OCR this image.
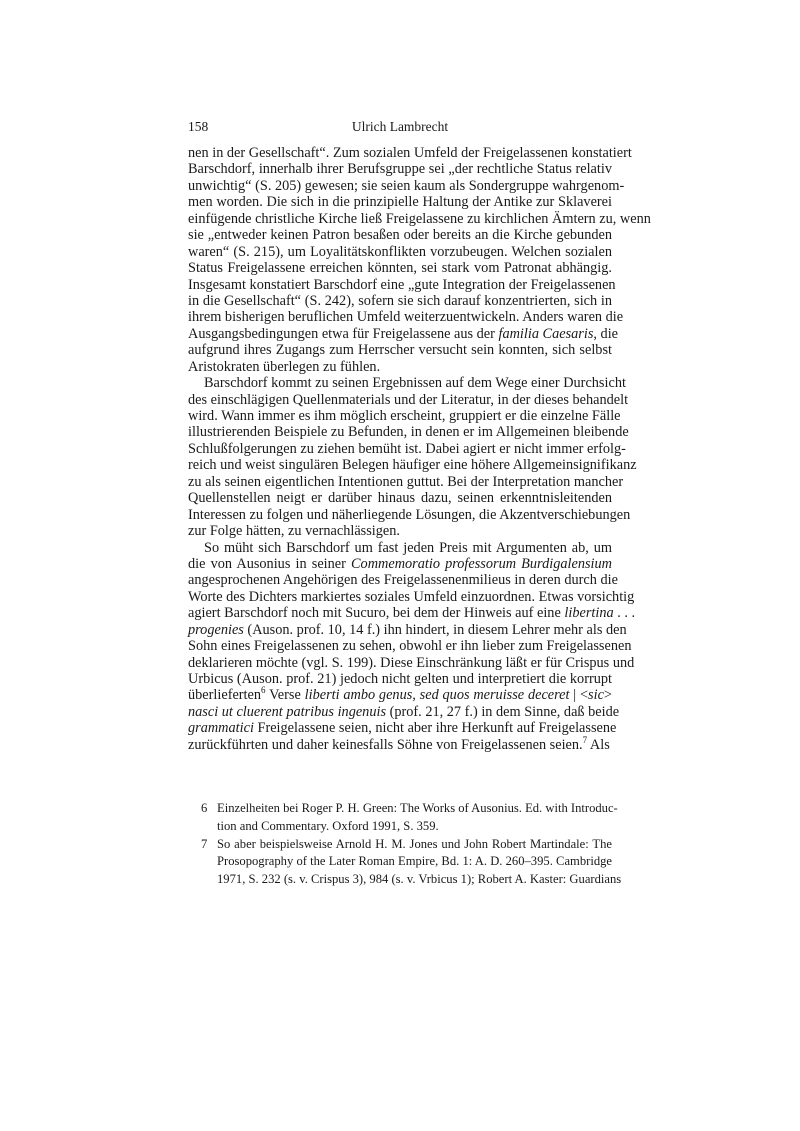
158	Ulrich Lambrecht
nen in der Gesellschaft“. Zum sozialen Umfeld der Freigelassenen konstatiert
Barschdorf, innerhalb ihrer Berufsgruppe sei „der rechtliche Status relativ
unwichtig“ (S. 205) gewesen; sie seien kaum als Sondergruppe wahrgenom-
men worden. Die sich in die prinzipielle Haltung der Antike zur Sklaverei
einfügende christliche Kirche ließ Freigelassene zu kirchlichen Ämtern zu, wenn
sie „entweder keinen Patron besaßen oder bereits an die Kirche gebunden
waren“ (S. 215), um Loyalitätskonflikten vorzubeugen. Welchen sozialen
Status Freigelassene erreichen könnten, sei stark vom Patronat abhängig.
Insgesamt konstatiert Barschdorf eine „gute Integration der Freigelassenen
in die Gesellschaft“ (S. 242), sofern sie sich darauf konzentrierten, sich in
ihrem bisherigen beruflichen Umfeld weiterzuentwickeln. Anders waren die
Ausgangsbedingungen etwa für Freigelassene aus der familia Caesaris, die
aufgrund ihres Zugangs zum Herrscher versucht sein konnten, sich selbst
Aristokraten überlegen zu fühlen.
Barschdorf kommt zu seinen Ergebnissen auf dem Wege einer Durchsicht
des einschlägigen Quellenmaterials und der Literatur, in der dieses behandelt
wird. Wann immer es ihm möglich erscheint, gruppiert er die einzelne Fälle
illustrierenden Beispiele zu Befunden, in denen er im Allgemeinen bleibende
Schlußfolgerungen zu ziehen bemüht ist. Dabei agiert er nicht immer erfolg-
reich und weist singulären Belegen häufiger eine höhere Allgemeinsignifikanz
zu als seinen eigentlichen Intentionen guttut. Bei der Interpretation mancher
Quellenstellen neigt er darüber hinaus dazu, seinen erkenntnisleitenden
Interessen zu folgen und näherliegende Lösungen, die Akzentverschiebungen
zur Folge hätten, zu vernachlässigen.
So müht sich Barschdorf um fast jeden Preis mit Argumenten ab, um
die von Ausonius in seiner Commemoratio professorum Burdigalensium
angesprochenen Angehörigen des Freigelassenenmilieus in deren durch die
Worte des Dichters markiertes soziales Umfeld einzuordnen. Etwas vorsichtig
agiert Barschdorf noch mit Sucuro, bei dem der Hinweis auf eine libertina . . .
progenies (Auson. prof. 10, 14 f.) ihn hindert, in diesem Lehrer mehr als den
Sohn eines Freigelassenen zu sehen, obwohl er ihn lieber zum Freigelassenen
deklarieren möchte (vgl. S. 199). Diese Einschränkung läßt er für Crispus und
Urbicus (Auson. prof. 21) jedoch nicht gelten und interpretiert die korrupt
überlieferten$^6$ Verse liberti ambo genus, sed quos meruisse deceret | <sic>
nasci ut cluerent patribus ingenuis (prof. 21, 27 f.) in dem Sinne, daß beide
grammatici Freigelassene seien, nicht aber ihre Herkunft auf Freigelassene
zurückführten und daher keinesfalls Söhne von Freigelassenen seien.$^7$ Als
6 Einzelheiten bei Roger P. H. Green: The Works of Ausonius. Ed. with Introduc-
tion and Commentary. Oxford 1991, S. 359.
7 So aber beispielsweise Arnold H. M. Jones und John Robert Martindale: The
Prosopography of the Later Roman Empire, Bd. 1: A. D. 260–395. Cambridge
1971, S. 232 (s. v. Crispus 3), 984 (s. v. Vrbicus 1); Robert A. Kaster: Guardians
